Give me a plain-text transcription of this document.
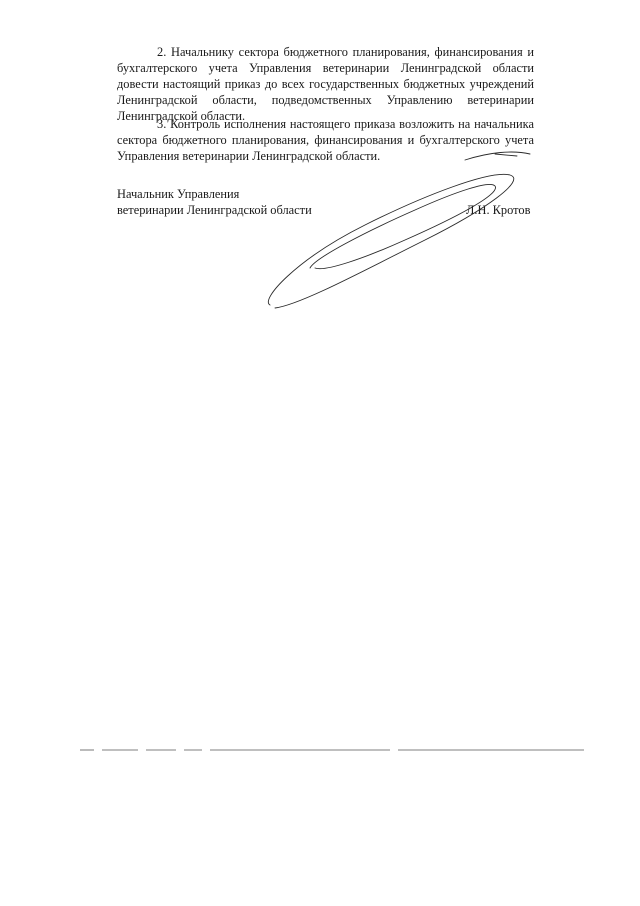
2. Начальнику сектора бюджетного планирования, финансирования и бухгалтерского учета Управления ветеринарии Ленинградской области довести настоящий приказ до всех государственных бюджетных учреждений Ленинградской области, подведомственных Управлению ветеринарии Ленинградской области.

3. Контроль исполнения настоящего приказа возложить на начальника сектора бюджетного планирования, финансирования и бухгалтерского учета Управления ветеринарии Ленинградской области.

Начальник Управления
ветеринарии Ленинградской области	Л.Н. Кротов
